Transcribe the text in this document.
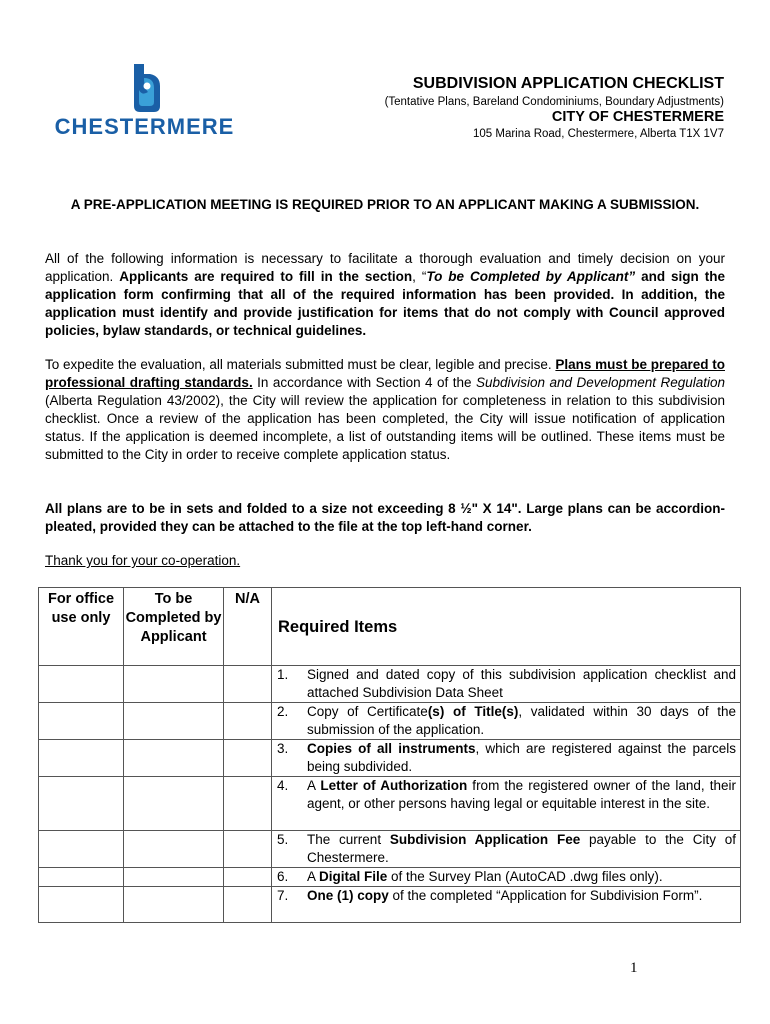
CHESTERMERE
SUBDIVISION APPLICATION CHECKLIST
(Tentative Plans, Bareland Condominiums, Boundary Adjustments)
CITY OF CHESTERMERE
105 Marina Road, Chestermere, Alberta T1X 1V7
A PRE-APPLICATION MEETING IS REQUIRED PRIOR TO AN APPLICANT MAKING A SUBMISSION.
All of the following information is necessary to facilitate a thorough evaluation and timely decision on your application. Applicants are required to fill in the section, “To be Completed by Applicant” and sign the application form confirming that all of the required information has been provided. In addition, the application must identify and provide justification for items that do not comply with Council approved policies, bylaw standards, or technical guidelines.
To expedite the evaluation, all materials submitted must be clear, legible and precise. Plans must be prepared to professional drafting standards. In accordance with Section 4 of the Subdivision and Development Regulation (Alberta Regulation 43/2002), the City will review the application for completeness in relation to this subdivision checklist. Once a review of the application has been completed, the City will issue notification of application status. If the application is deemed incomplete, a list of outstanding items will be outlined. These items must be submitted to the City in order to receive complete application status.
All plans are to be in sets and folded to a size not exceeding 8 ½" X 14". Large plans can be accordion-pleated, provided they can be attached to the file at the top left-hand corner.
Thank you for your co-operation.
For office use only	To be Completed by Applicant	N/A	Required Items

			1. Signed and dated copy of this subdivision application checklist and attached Subdivision Data Sheet

			2. Copy of Certificate(s) of Title(s), validated within 30 days of the submission of the application.

			3. Copies of all instruments, which are registered against the parcels being subdivided.

			4. A Letter of Authorization from the registered owner of the land, their agent, or other persons having legal or equitable interest in the site.

			5. The current Subdivision Application Fee payable to the City of Chestermere.

			6. A Digital File of the Survey Plan (AutoCAD .dwg files only).

			7. One (1) copy of the completed “Application for Subdivision Form”.
1
